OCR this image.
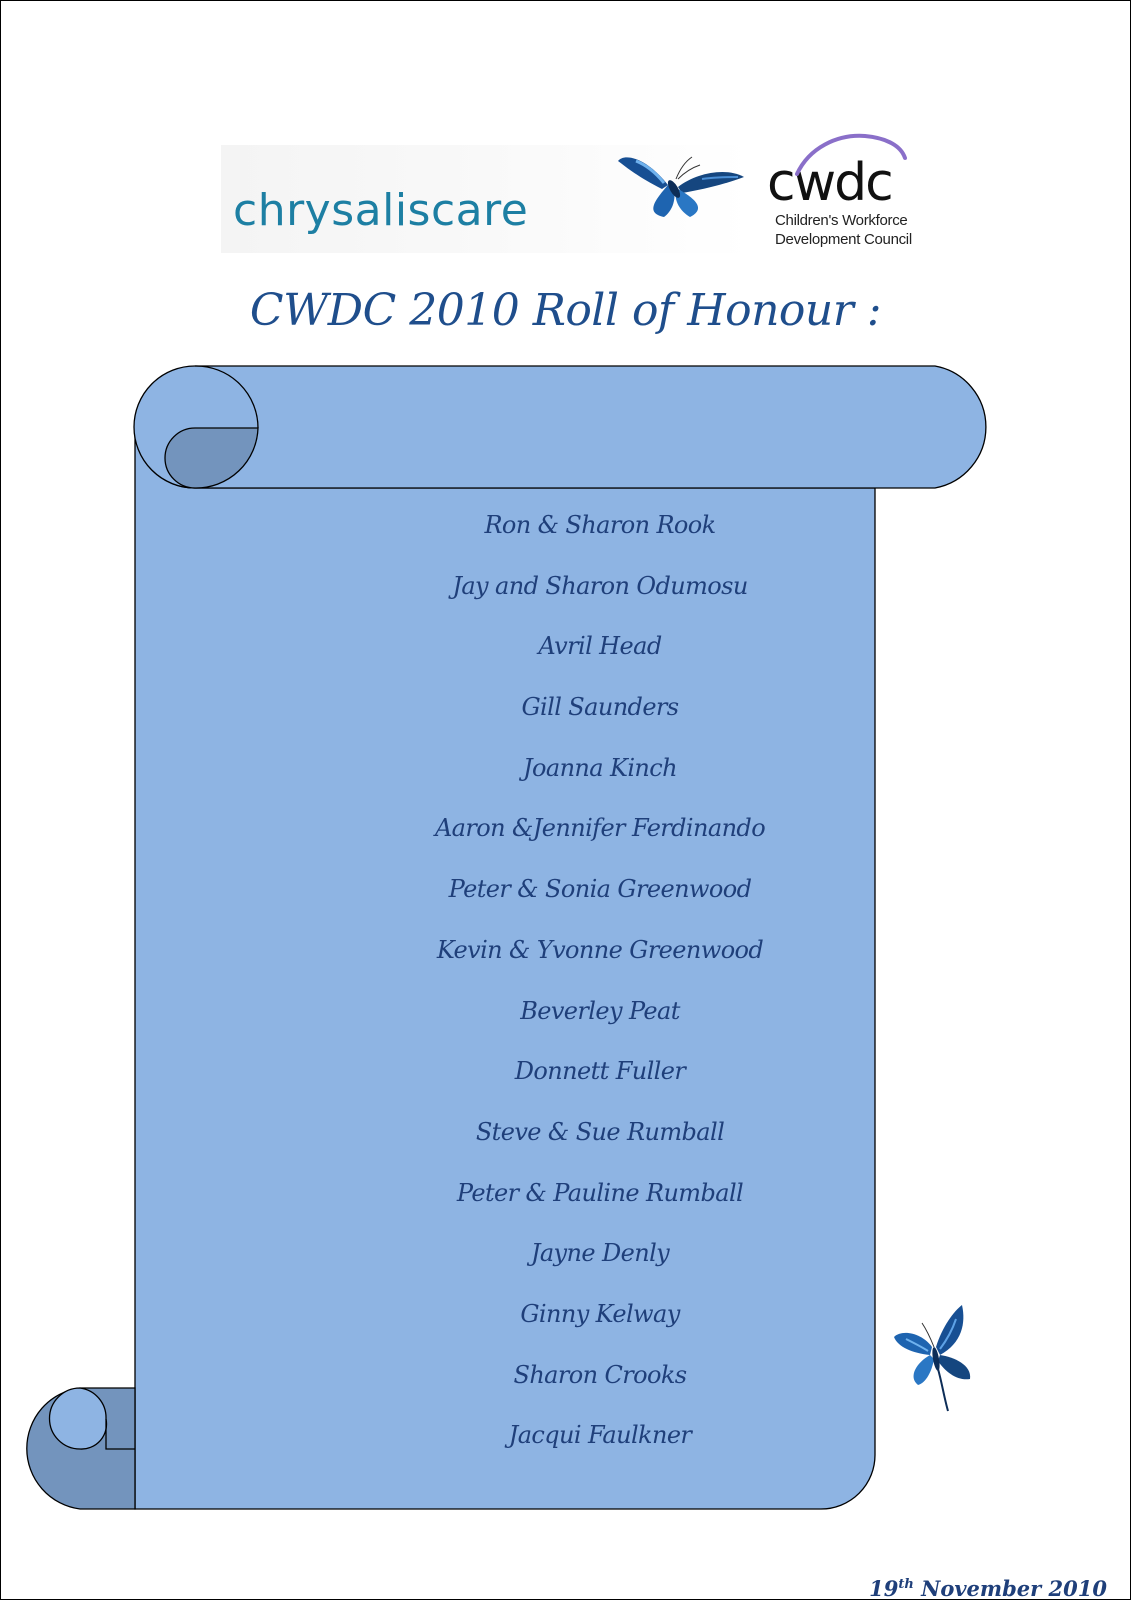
chrysaliscare	cwdc
Children's Workforce
Development Council
CWDC 2010 Roll of Honour :
Ron & Sharon Rook
Jay and Sharon Odumosu
Avril Head
Gill Saunders
Joanna Kinch
Aaron &Jennifer Ferdinando
Peter & Sonia Greenwood
Kevin & Yvonne Greenwood
Beverley Peat
Donnett Fuller
Steve & Sue Rumball
Peter & Pauline Rumball
Jayne Denly
Ginny Kelway
Sharon Crooks
Jacqui Faulkner
19th November 2010
